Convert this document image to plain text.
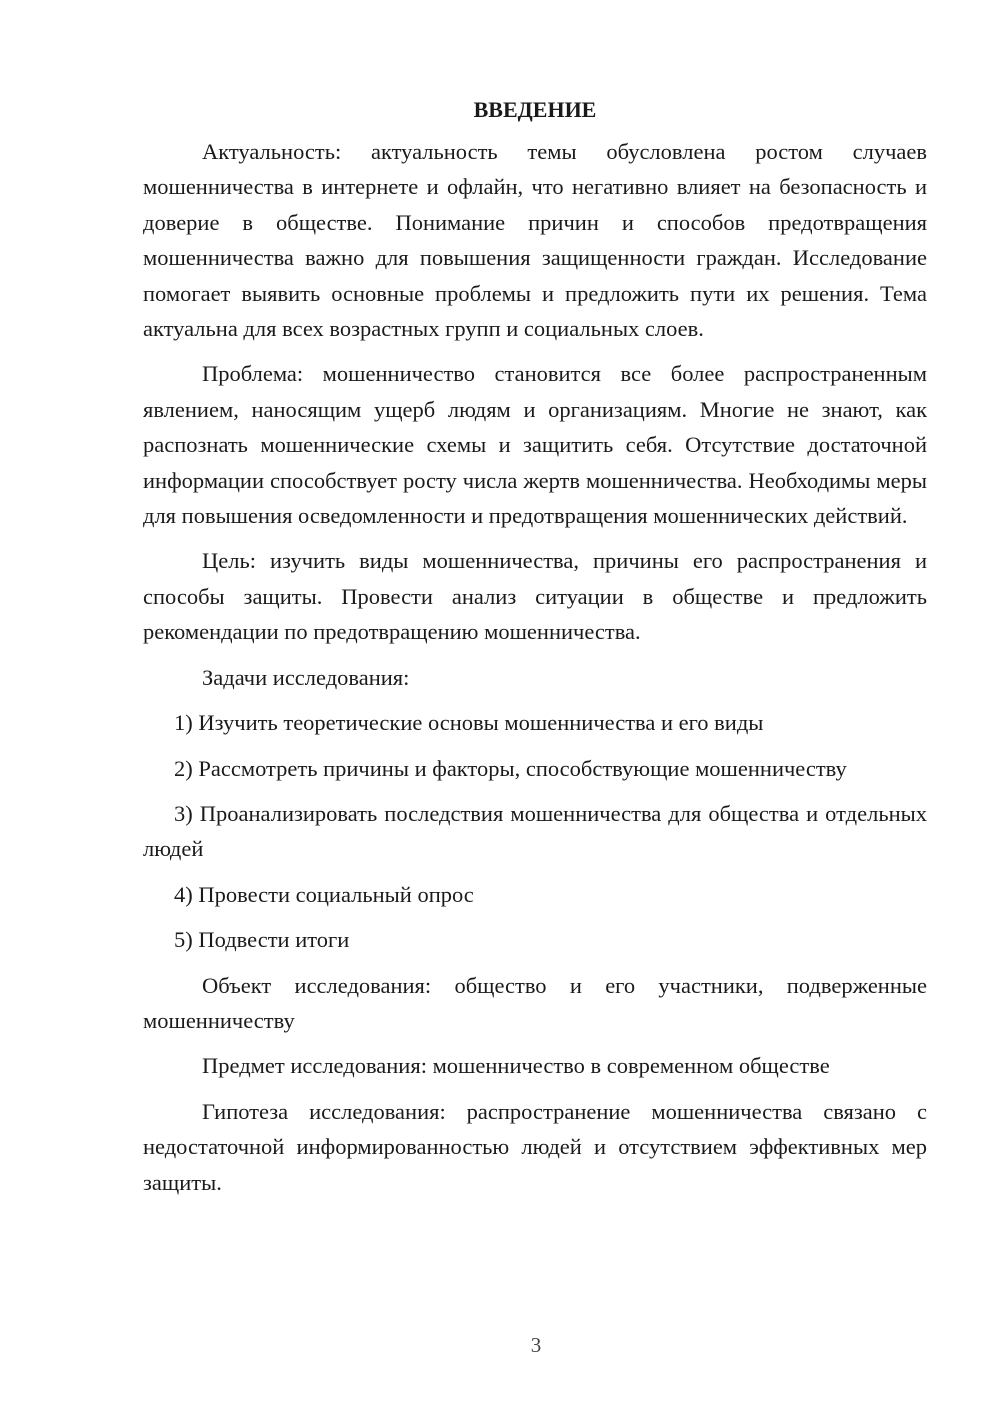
ВВЕДЕНИЕ

Актуальность: актуальность темы обусловлена ростом случаев мошенничества в интернете и офлайн, что негативно влияет на безопасность и доверие в обществе. Понимание причин и способов предотвращения мошенничества важно для повышения защищенности граждан. Исследование помогает выявить основные проблемы и предложить пути их решения. Тема актуальна для всех возрастных групп и социальных слоев.

Проблема: мошенничество становится все более распространенным явлением, наносящим ущерб людям и организациям. Многие не знают, как распознать мошеннические схемы и защитить себя. Отсутствие достаточной информации способствует росту числа жертв мошенничества. Необходимы меры для повышения осведомленности и предотвращения мошеннических действий.

Цель: изучить виды мошенничества, причины его распространения и способы защиты. Провести анализ ситуации в обществе и предложить рекомендации по предотвращению мошенничества.

Задачи исследования:

1) Изучить теоретические основы мошенничества и его виды

2) Рассмотреть причины и факторы, способствующие мошенничеству

3) Проанализировать последствия мошенничества для общества и отдельных людей

4) Провести социальный опрос

5) Подвести итоги

Объект исследования: общество и его участники, подверженные мошенничеству

Предмет исследования: мошенничество в современном обществе

Гипотеза исследования: распространение мошенничества связано с недостаточной информированностью людей и отсутствием эффективных мер защиты.

3
